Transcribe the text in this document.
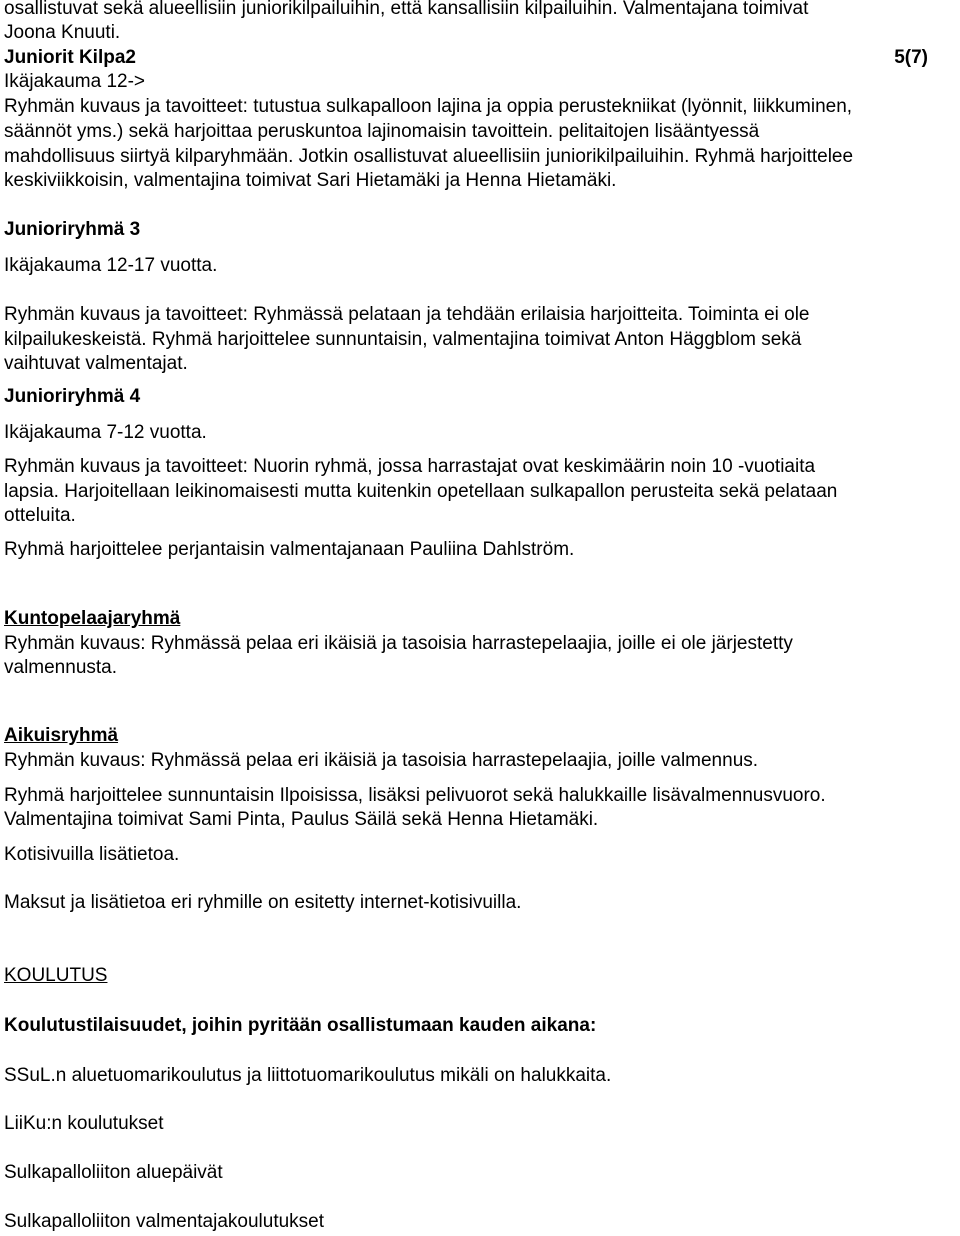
osallistuvat sekä alueellisiin juniorikilpailuihin, että kansallisiin kilpailuihin. Valmentajana toimivat
Joona Knuuti.
Juniorit Kilpa2	5(7)
Ikäjakauma 12->
Ryhmän kuvaus ja tavoitteet: tutustua sulkapalloon lajina ja oppia perustekniikat (lyönnit, liikkuminen,
säännöt yms.) sekä harjoittaa peruskuntoa lajinomaisin tavoittein. pelitaitojen lisääntyessä
mahdollisuus siirtyä kilparyhmään. Jotkin osallistuvat alueellisiin juniorikilpailuihin. Ryhmä harjoittelee
keskiviikkoisin, valmentajina toimivat Sari Hietamäki ja Henna Hietamäki.
Junioriryhmä 3
Ikäjakauma 12-17 vuotta.
Ryhmän kuvaus ja tavoitteet: Ryhmässä pelataan ja tehdään erilaisia harjoitteita. Toiminta ei ole
kilpailukeskeistä. Ryhmä harjoittelee sunnuntaisin, valmentajina toimivat Anton Häggblom sekä
vaihtuvat valmentajat.
Junioriryhmä 4
Ikäjakauma 7-12 vuotta.
Ryhmän kuvaus ja tavoitteet: Nuorin ryhmä, jossa harrastajat ovat keskimäärin noin 10 -vuotiaita
lapsia. Harjoitellaan leikinomaisesti mutta kuitenkin opetellaan sulkapallon perusteita sekä pelataan
otteluita.
Ryhmä harjoittelee perjantaisin valmentajanaan Pauliina Dahlström.
Kuntopelaajaryhmä
Ryhmän kuvaus: Ryhmässä pelaa eri ikäisiä ja tasoisia harrastepelaajia, joille ei ole järjestetty
valmennusta.
Aikuisryhmä
Ryhmän kuvaus: Ryhmässä pelaa eri ikäisiä ja tasoisia harrastepelaajia, joille valmennus.
Ryhmä harjoittelee sunnuntaisin Ilpoisissa, lisäksi pelivuorot sekä halukkaille lisävalmennusvuoro.
Valmentajina toimivat Sami Pinta, Paulus Säilä sekä Henna Hietamäki.
Kotisivuilla lisätietoa.
Maksut ja lisätietoa eri ryhmille on esitetty internet-kotisivuilla.
KOULUTUS
Koulutustilaisuudet, joihin pyritään osallistumaan kauden aikana:
SSuL.n aluetuomarikoulutus ja liittotuomarikoulutus mikäli on halukkaita.
LiiKu:n koulutukset
Sulkapalloliiton aluepäivät
Sulkapalloliiton valmentajakoulutukset
